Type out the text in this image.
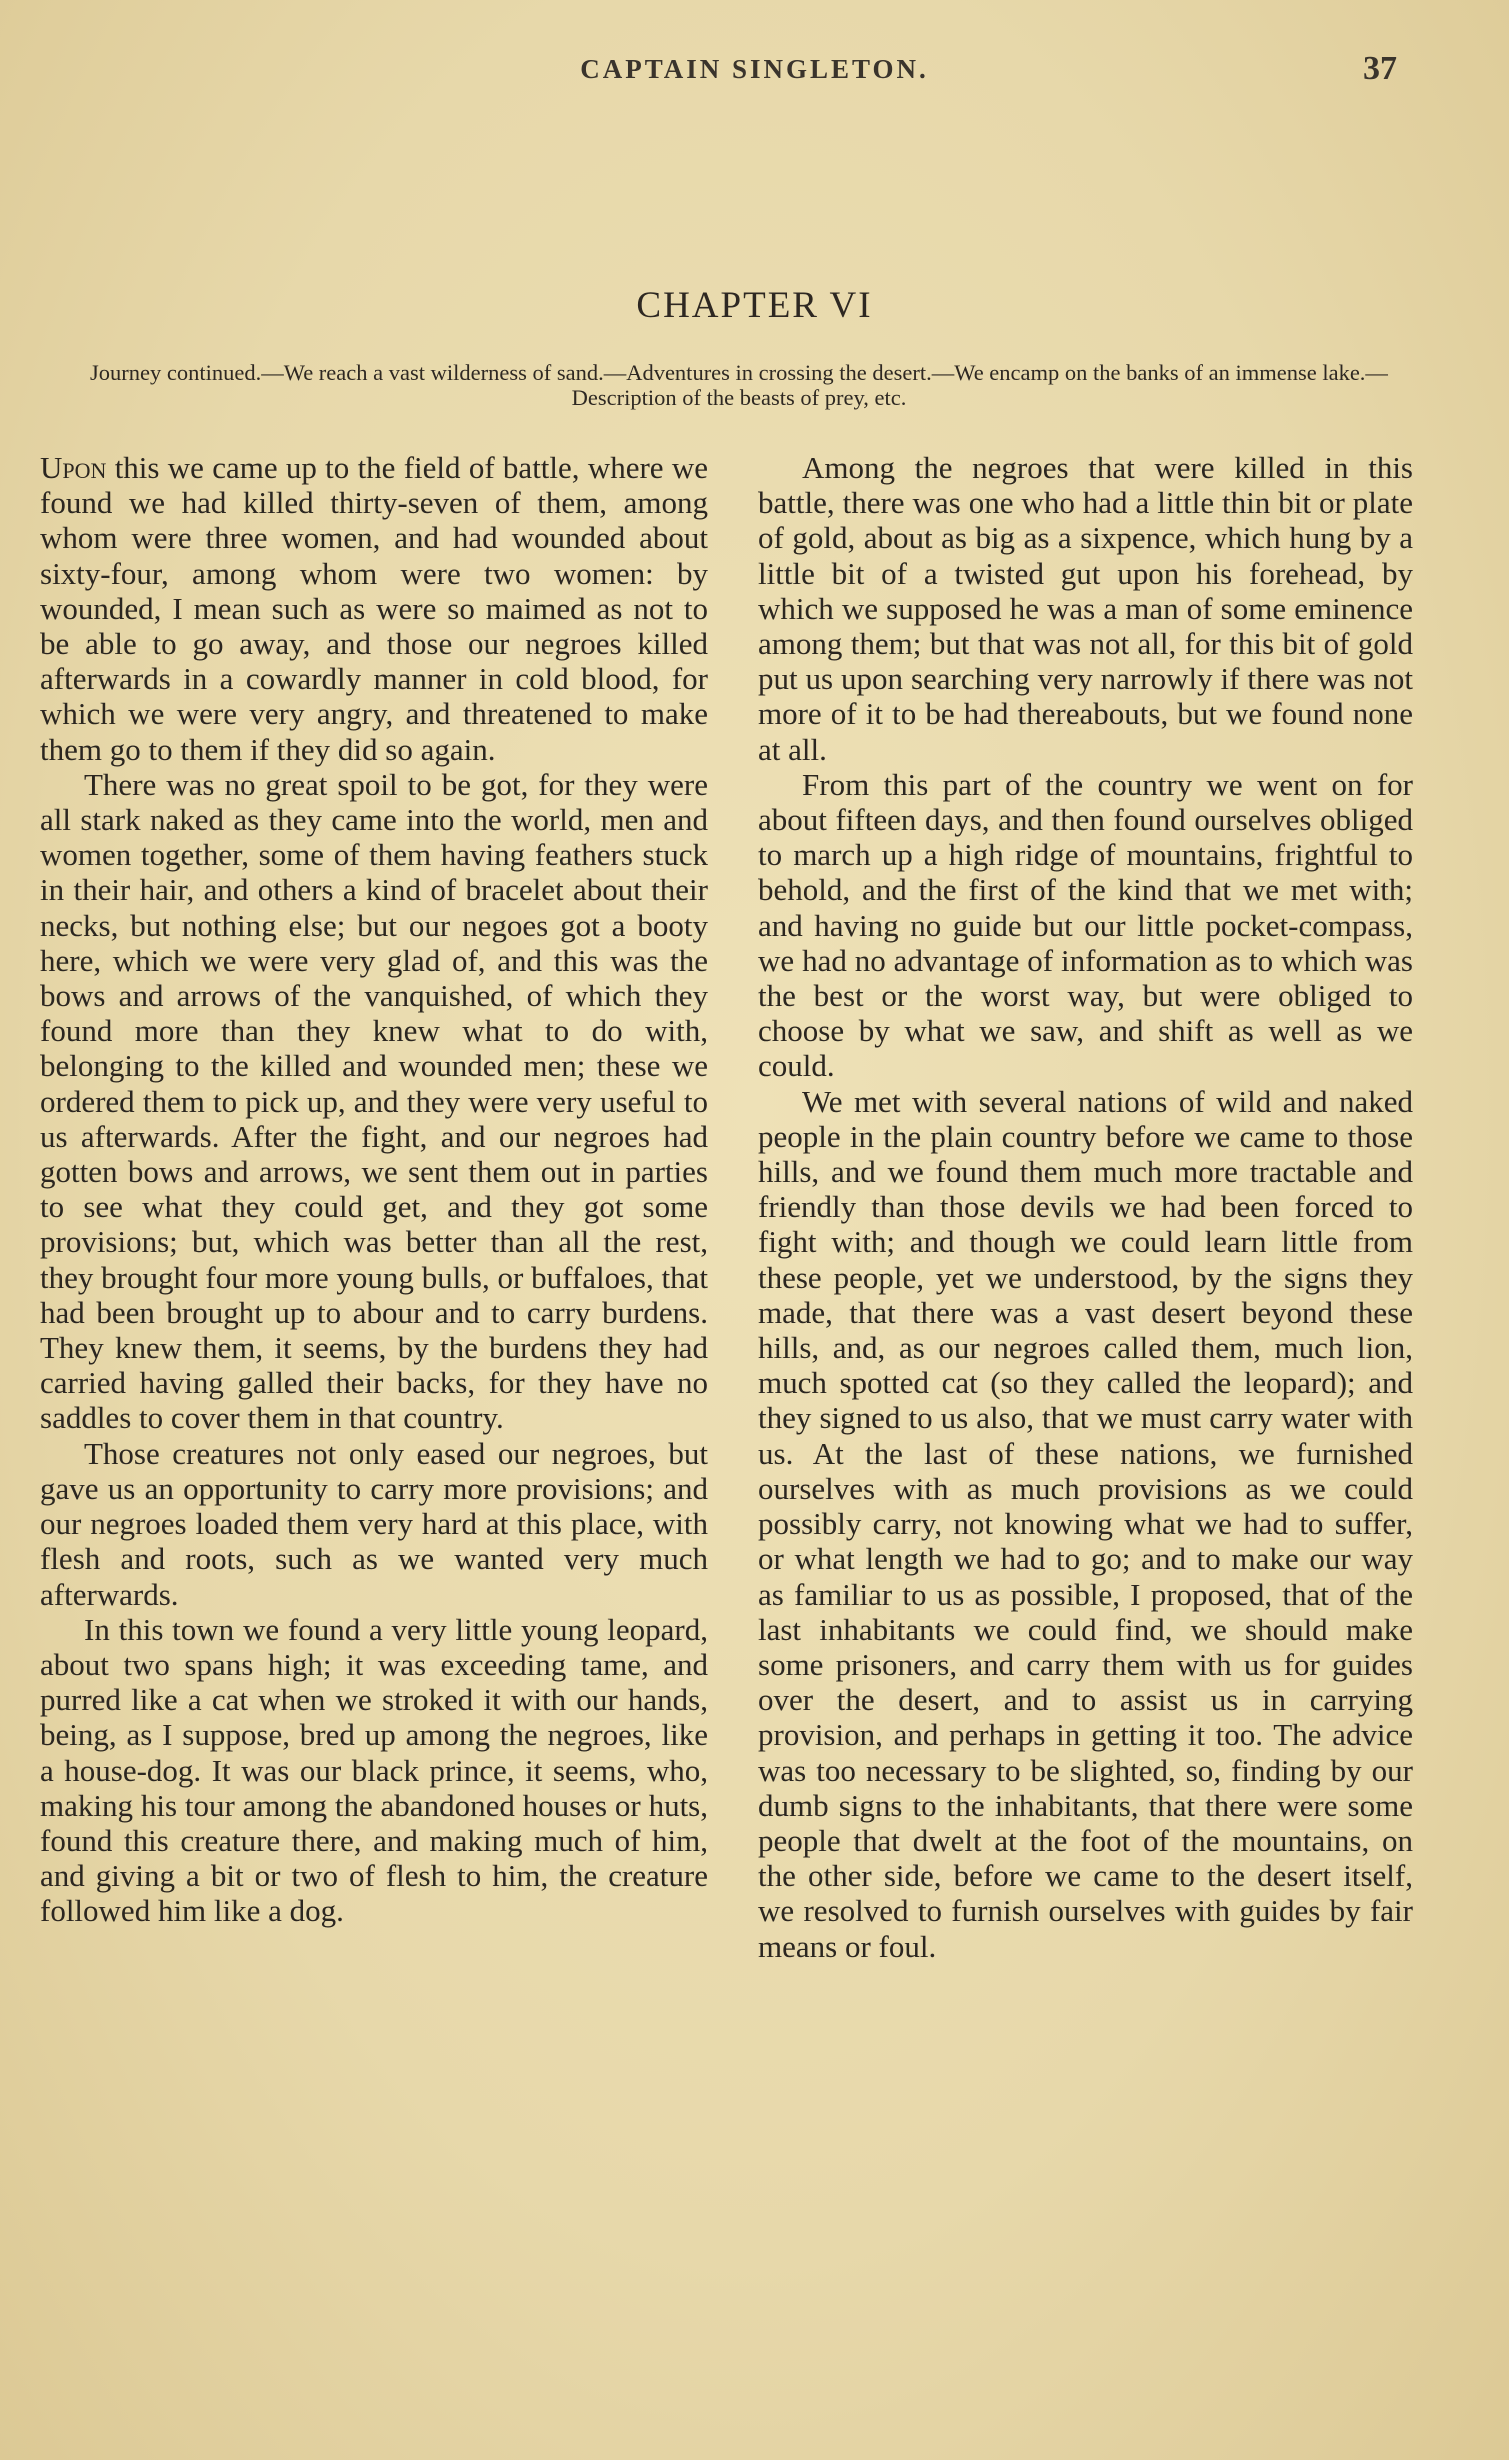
CAPTAIN SINGLETON.	37
CHAPTER VI
Journey continued.—We reach a vast wilderness of sand.—Adventures in crossing the desert.—We encamp on the banks of an immense lake.—Description of the beasts of prey, etc.

Upon this we came up to the field of battle, where we found we had killed thirty-seven of them, among whom were three women, and had wounded about sixty-four, among whom were two women: by wounded, I mean such as were so maimed as not to be able to go away, and those our negroes killed afterwards in a cowardly manner in cold blood, for which we were very angry, and threatened to make them go to them if they did so again.

There was no great spoil to be got, for they were all stark naked as they came into the world, men and women together, some of them having feathers stuck in their hair, and others a kind of bracelet about their necks, but nothing else; but our negoes got a booty here, which we were very glad of, and this was the bows and arrows of the vanquished, of which they found more than they knew what to do with, belonging to the killed and wounded men; these we ordered them to pick up, and they were very useful to us afterwards. After the fight, and our negroes had gotten bows and arrows, we sent them out in parties to see what they could get, and they got some provisions; but, which was better than all the rest, they brought four more young bulls, or buffaloes, that had been brought up to abour and to carry burdens. They knew them, it seems, by the burdens they had carried having galled their backs, for they have no saddles to cover them in that country.

Those creatures not only eased our negroes, but gave us an opportunity to carry more provisions; and our negroes loaded them very hard at this place, with flesh and roots, such as we wanted very much afterwards.

In this town we found a very little young leopard, about two spans high; it was exceeding tame, and purred like a cat when we stroked it with our hands, being, as I suppose, bred up among the negroes, like a house-dog. It was our black prince, it seems, who, making his tour among the abandoned houses or huts, found this creature there, and making much of him, and giving a bit or two of flesh to him, the creature followed him like a dog.

Among the negroes that were killed in this battle, there was one who had a little thin bit or plate of gold, about as big as a sixpence, which hung by a little bit of a twisted gut upon his forehead, by which we supposed he was a man of some eminence among them; but that was not all, for this bit of gold put us upon searching very narrowly if there was not more of it to be had thereabouts, but we found none at all.

From this part of the country we went on for about fifteen days, and then found ourselves obliged to march up a high ridge of mountains, frightful to behold, and the first of the kind that we met with; and having no guide but our little pocket-compass, we had no advantage of information as to which was the best or the worst way, but were obliged to choose by what we saw, and shift as well as we could.

We met with several nations of wild and naked people in the plain country before we came to those hills, and we found them much more tractable and friendly than those devils we had been forced to fight with; and though we could learn little from these people, yet we understood, by the signs they made, that there was a vast desert beyond these hills, and, as our negroes called them, much lion, much spotted cat (so they called the leopard); and they signed to us also, that we must carry water with us. At the last of these nations, we furnished ourselves with as much provisions as we could possibly carry, not knowing what we had to suffer, or what length we had to go; and to make our way as familiar to us as possible, I proposed, that of the last inhabitants we could find, we should make some prisoners, and carry them with us for guides over the desert, and to assist us in carrying provision, and perhaps in getting it too. The advice was too necessary to be slighted, so, finding by our dumb signs to the inhabitants, that there were some people that dwelt at the foot of the mountains, on the other side, before we came to the desert itself, we resolved to furnish ourselves with guides by fair means or foul.
